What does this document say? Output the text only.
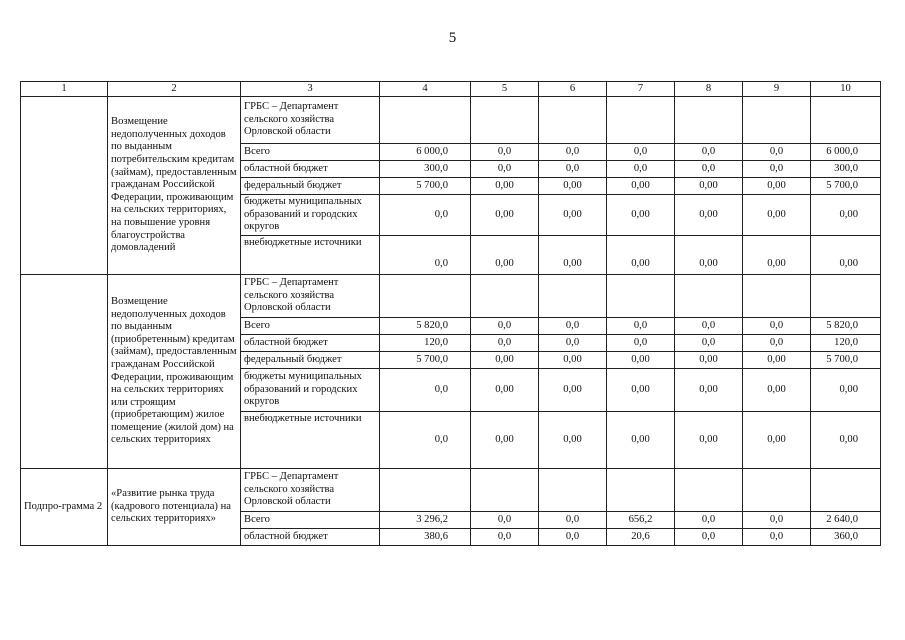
5
1	2	3	4	5	6	7	8	9	10
	Возмещение недополученных доходов по выданным потребительским кредитам (займам), предоставленным гражданам Российской Федерации, проживающим на сельских территориях, на повышение уровня благоустройства домовладений	ГРБС – Департамент сельского хозяйства Орловской области							
		Всего	6 000,0	0,0	0,0	0,0	0,0	0,0	6 000,0
		областной бюджет	300,0	0,0	0,0	0,0	0,0	0,0	300,0
		федеральный бюджет	5 700,0	0,00	0,00	0,00	0,00	0,00	5 700,0
		бюджеты муниципальных образований и городских округов	0,0	0,00	0,00	0,00	0,00	0,00	0,00
		внебюджетные источники	0,0	0,00	0,00	0,00	0,00	0,00	0,00
	Возмещение недополученных доходов по выданным (приобретенным) кредитам (займам), предоставленным гражданам Российской Федерации, проживающим на сельских территориях или строящим (приобретающим) жилое помещение (жилой дом) на сельских территориях	ГРБС – Департамент сельского хозяйства Орловской области							
		Всего	5 820,0	0,0	0,0	0,0	0,0	0,0	5 820,0
		областной бюджет	120,0	0,0	0,0	0,0	0,0	0,0	120,0
		федеральный бюджет	5 700,0	0,00	0,00	0,00	0,00	0,00	5 700,0
		бюджеты муниципальных образований и городских округов	0,0	0,00	0,00	0,00	0,00	0,00	0,00
		внебюджетные источники	0,0	0,00	0,00	0,00	0,00	0,00	0,00
Подпро-грамма 2	«Развитие рынка труда (кадрового потенциала) на сельских территориях»	ГРБС – Департамент сельского хозяйства Орловской области							
		Всего	3 296,2	0,0	0,0	656,2	0,0	0,0	2 640,0
		областной бюджет	380,6	0,0	0,0	20,6	0,0	0,0	360,0
